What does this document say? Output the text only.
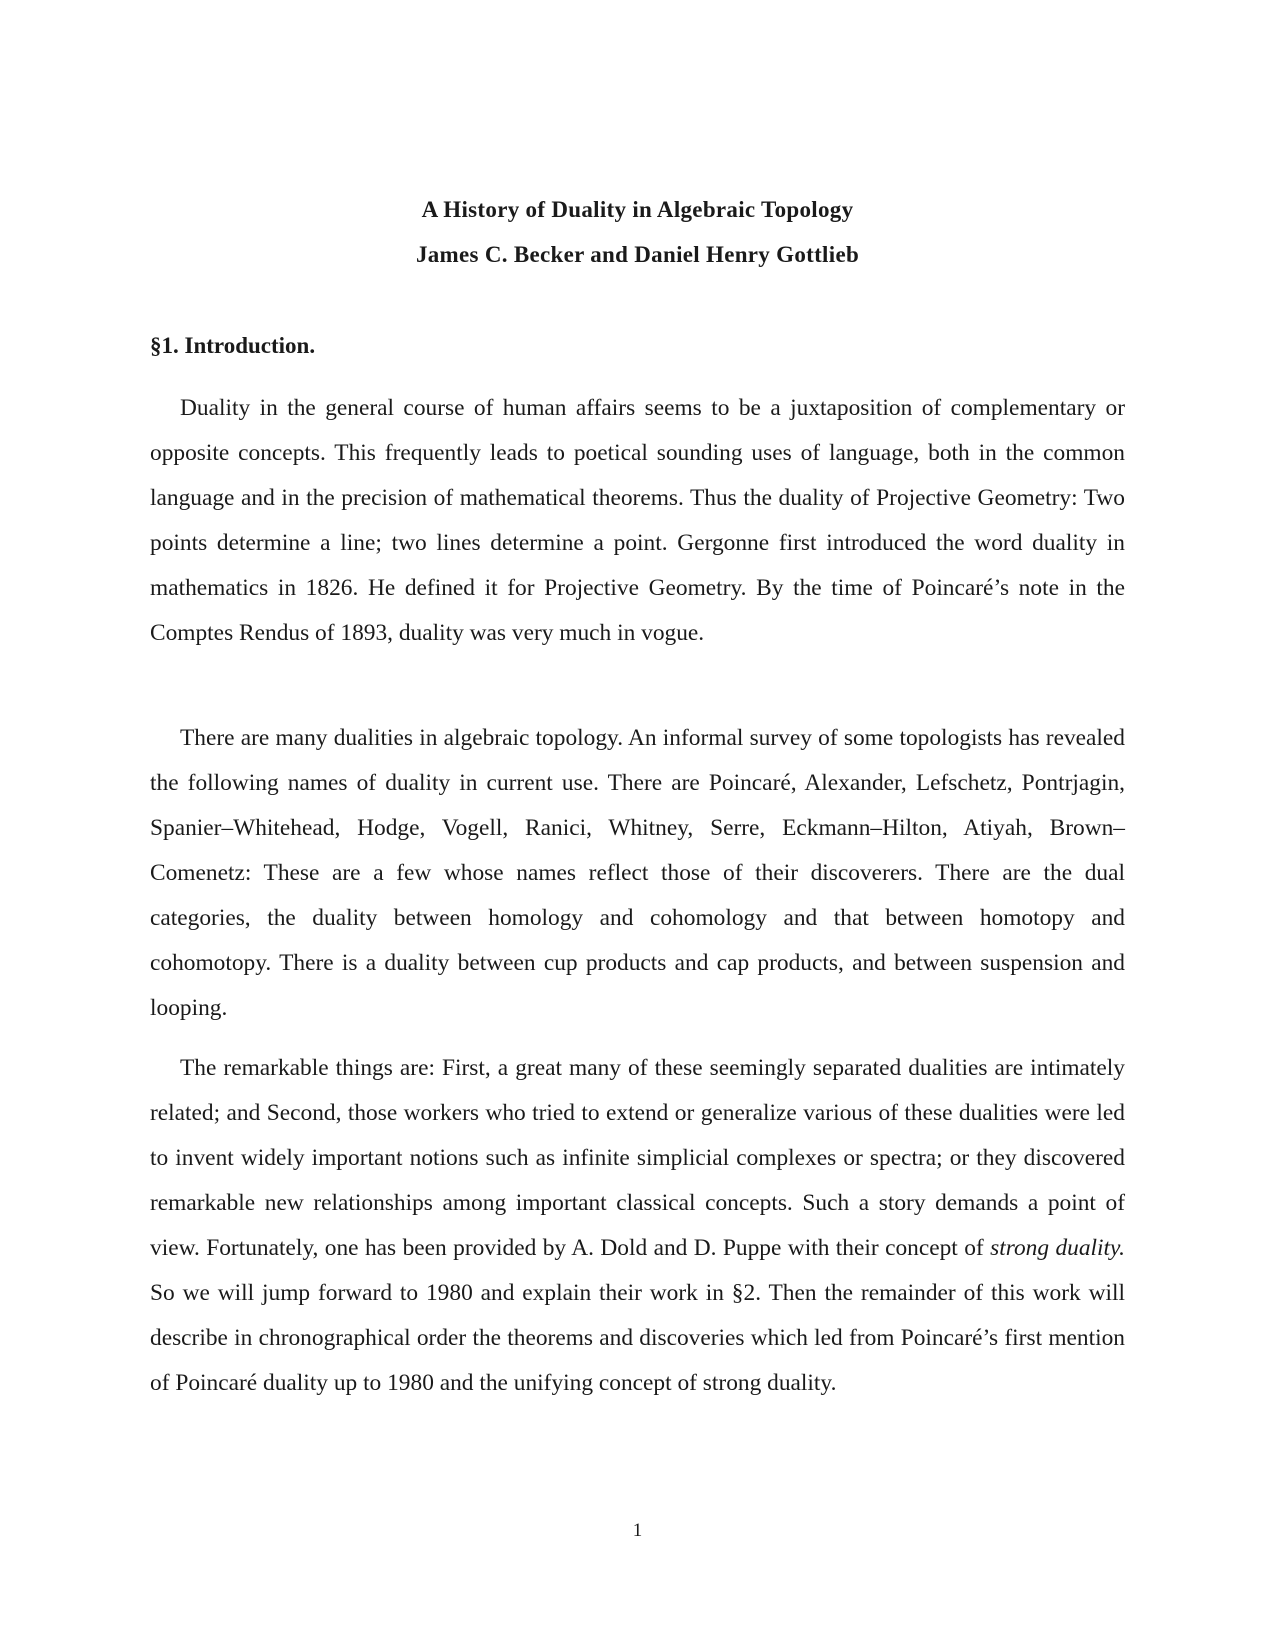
A History of Duality in Algebraic Topology
James C. Becker and Daniel Henry Gottlieb
§1. Introduction.

Duality in the general course of human affairs seems to be a juxtaposition of complementary or opposite concepts. This frequently leads to poetical sounding uses of language, both in the common language and in the precision of mathematical theorems. Thus the duality of Projective Geometry: Two points determine a line; two lines determine a point. Gergonne first introduced the word duality in mathematics in 1826. He defined it for Projective Geometry. By the time of Poincaré’s note in the Comptes Rendus of 1893, duality was very much in vogue.

There are many dualities in algebraic topology. An informal survey of some topologists has revealed the following names of duality in current use. There are Poincaré, Alexander, Lefschetz, Pontrjagin, Spanier–Whitehead, Hodge, Vogell, Ranici, Whitney, Serre, Eckmann–Hilton, Atiyah, Brown–Comenetz: These are a few whose names reflect those of their discoverers. There are the dual categories, the duality between homology and cohomology and that between homotopy and cohomotopy. There is a duality between cup products and cap products, and between suspension and looping.

The remarkable things are: First, a great many of these seemingly separated dualities are intimately related; and Second, those workers who tried to extend or generalize various of these dualities were led to invent widely important notions such as infinite simplicial complexes or spectra; or they discovered remarkable new relationships among important classical concepts. Such a story demands a point of view. Fortunately, one has been provided by A. Dold and D. Puppe with their concept of strong duality. So we will jump forward to 1980 and explain their work in §2. Then the remainder of this work will describe in chronographical order the theorems and discoveries which led from Poincaré’s first mention of Poincaré duality up to 1980 and the unifying concept of strong duality.

1
